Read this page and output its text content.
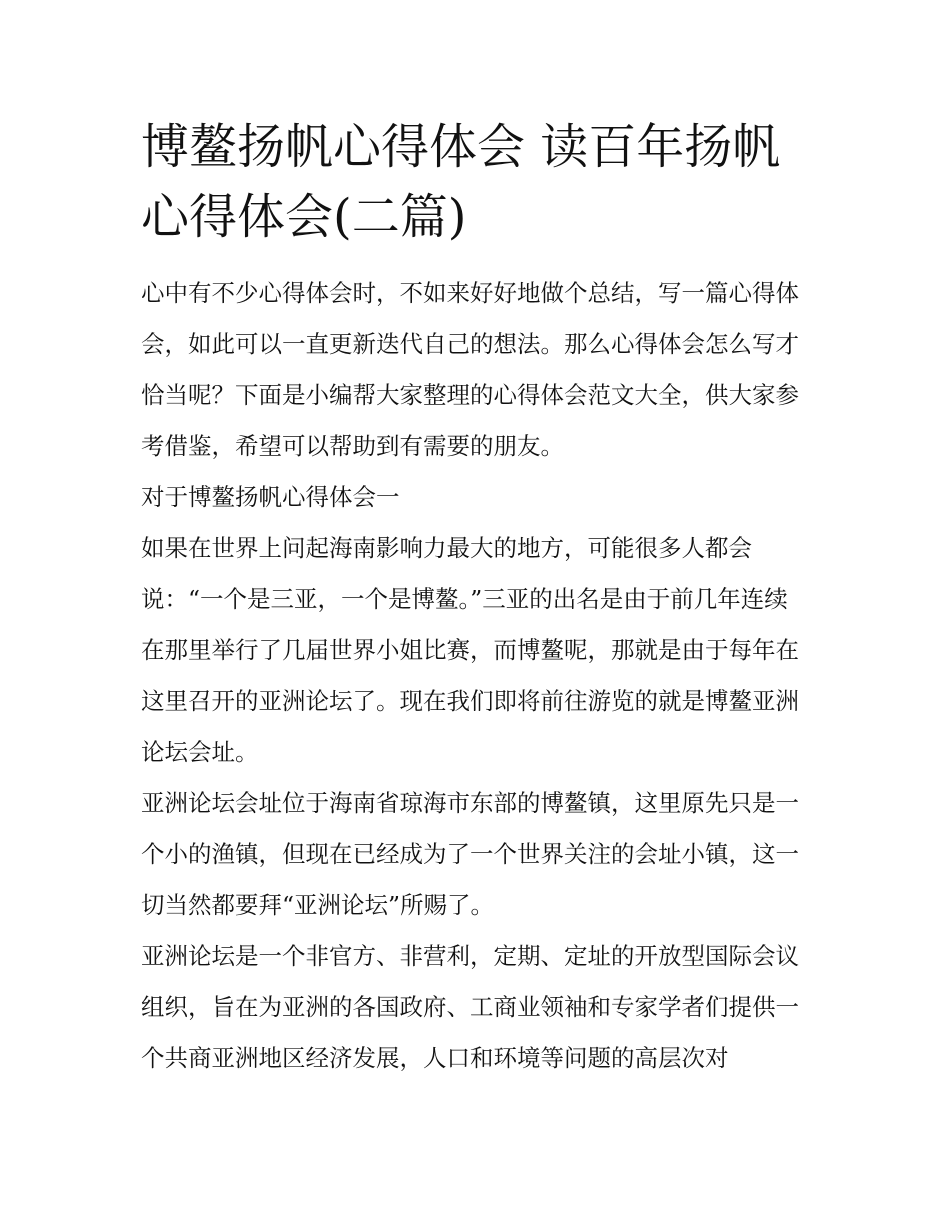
博鳌扬帆心得体会 读百年扬帆心得体会(二篇)

心中有不少心得体会时，不如来好好地做个总结，写一篇心得体会，如此可以一直更新迭代自己的想法。那么心得体会怎么写才恰当呢？下面是小编帮大家整理的心得体会范文大全，供大家参考借鉴，希望可以帮助到有需要的朋友。

对于博鳌扬帆心得体会一

如果在世界上问起海南影响力最大的地方，可能很多人都会说：“一个是三亚，一个是博鳌。”三亚的出名是由于前几年连续在那里举行了几届世界小姐比赛，而博鳌呢，那就是由于每年在这里召开的亚洲论坛了。现在我们即将前往游览的就是博鳌亚洲论坛会址。

亚洲论坛会址位于海南省琼海市东部的博鳌镇，这里原先只是一个小的渔镇，但现在已经成为了一个世界关注的会址小镇，这一切当然都要拜“亚洲论坛”所赐了。

亚洲论坛是一个非官方、非营利，定期、定址的开放型国际会议组织，旨在为亚洲的各国政府、工商业领袖和专家学者们提供一个共商亚洲地区经济发展，人口和环境等问题的高层次对
